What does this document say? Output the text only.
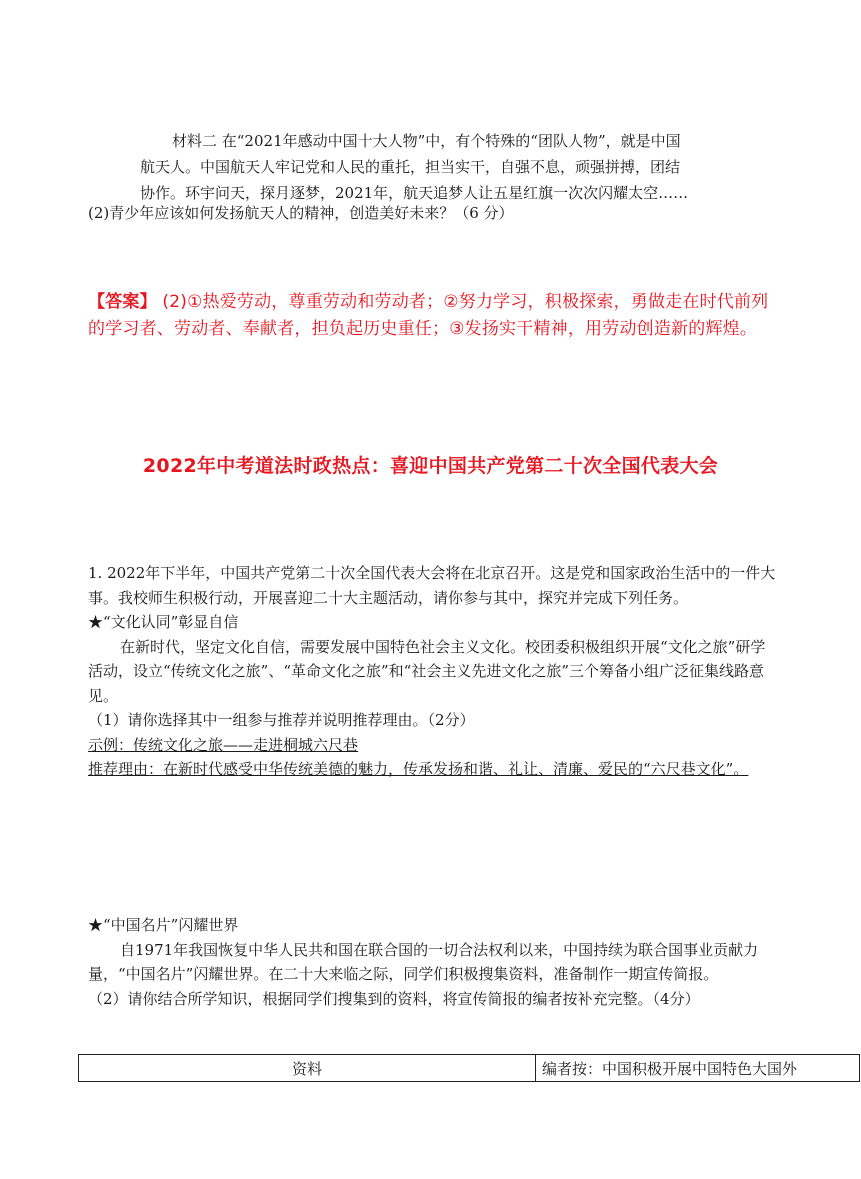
材料二 在“2021年感动中国十大人物”中，有个特殊的“团队人物”，就是中国

航天人。中国航天人牢记党和人民的重托，担当实干，自强不息，顽强拼搏，团结

协作。环宇问天，探月逐梦，2021年，航天追梦人让五星红旗一次次闪耀太空……

(2)青少年应该如何发扬航天人的精神，创造美好未来？（6 分）
【答案】 (2)①热爱劳动，尊重劳动和劳动者；②努力学习，积极探索，勇做走在时代前列的学习者、劳动者、奉献者，担负起历史重任；③发扬实干精神，用劳动创造新的辉煌。
2022年中考道法时政热点：喜迎中国共产党第二十次全国代表大会

1. 2022年下半年，中国共产党第二十次全国代表大会将在北京召开。这是党和国家政治生活中的一件大事。我校师生积极行动，开展喜迎二十大主题活动，请你参与其中，探究并完成下列任务。

★“文化认同”彰显自信

在新时代，坚定文化自信，需要发展中国特色社会主义文化。校团委积极组织开展“文化之旅”研学活动，设立“传统文化之旅”、“革命文化之旅”和“社会主义先进文化之旅”三个筹备小组广泛征集线路意见。

（1）请你选择其中一组参与推荐并说明推荐理由。（2分）

示例：传统文化之旅——走进桐城六尺巷

推荐理由：在新时代感受中华传统美德的魅力，传承发扬和谐、礼让、清廉、爱民的“六尺巷文化”。

★“中国名片”闪耀世界

自1971年我国恢复中华人民共和国在联合国的一切合法权利以来，中国持续为联合国事业贡献力量，“中国名片”闪耀世界。在二十大来临之际，同学们积极搜集资料，准备制作一期宣传简报。

（2）请你结合所学知识，根据同学们搜集到的资料，将宣传简报的编者按补充完整。（4分）

资料	编者按：中国积极开展中国特色大国外
